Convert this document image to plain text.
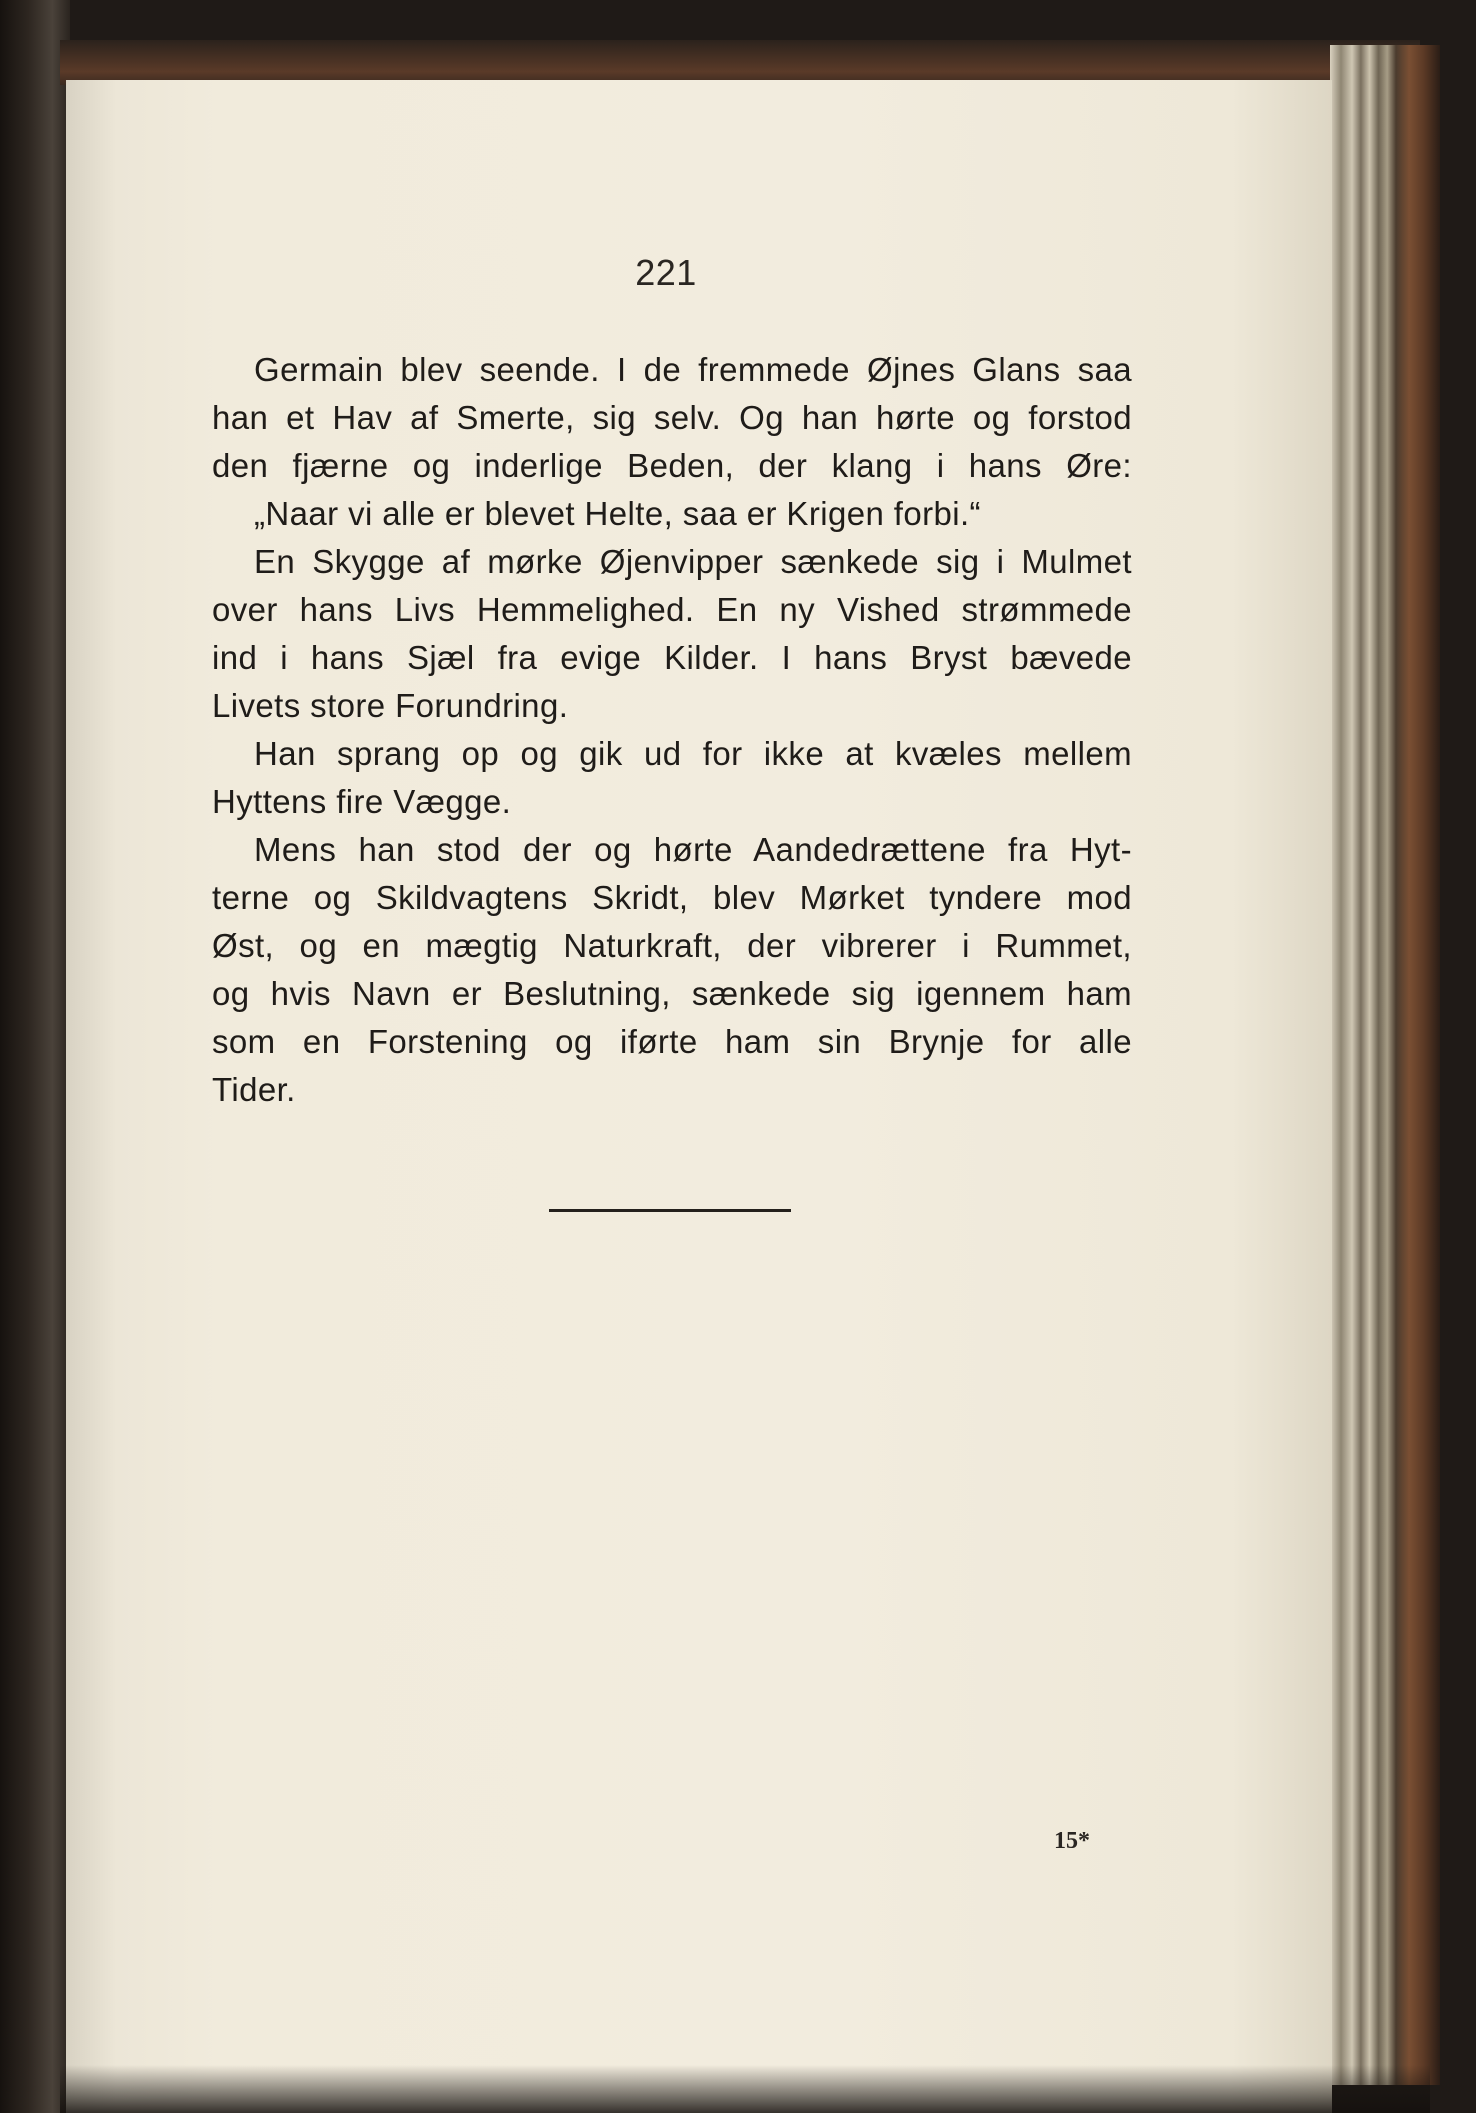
221
Germain blev seende. I de fremmede Øjnes Glans saa
han et Hav af Smerte, sig selv. Og han hørte og forstod
den fjærne og inderlige Beden, der klang i hans Øre:
„Naar vi alle er blevet Helte, saa er Krigen forbi.“
En Skygge af mørke Øjenvipper sænkede sig i Mulmet
over hans Livs Hemmelighed. En ny Vished strømmede
ind i hans Sjæl fra evige Kilder. I hans Bryst bævede
Livets store Forundring.
Han sprang op og gik ud for ikke at kvæles mellem
Hyttens fire Vægge.
Mens han stod der og hørte Aandedrættene fra Hyt-
terne og Skildvagtens Skridt, blev Mørket tyndere mod
Øst, og en mægtig Naturkraft, der vibrerer i Rummet,
og hvis Navn er Beslutning, sænkede sig igennem ham
som en Forstening og iførte ham sin Brynje for alle
Tider.
15*
